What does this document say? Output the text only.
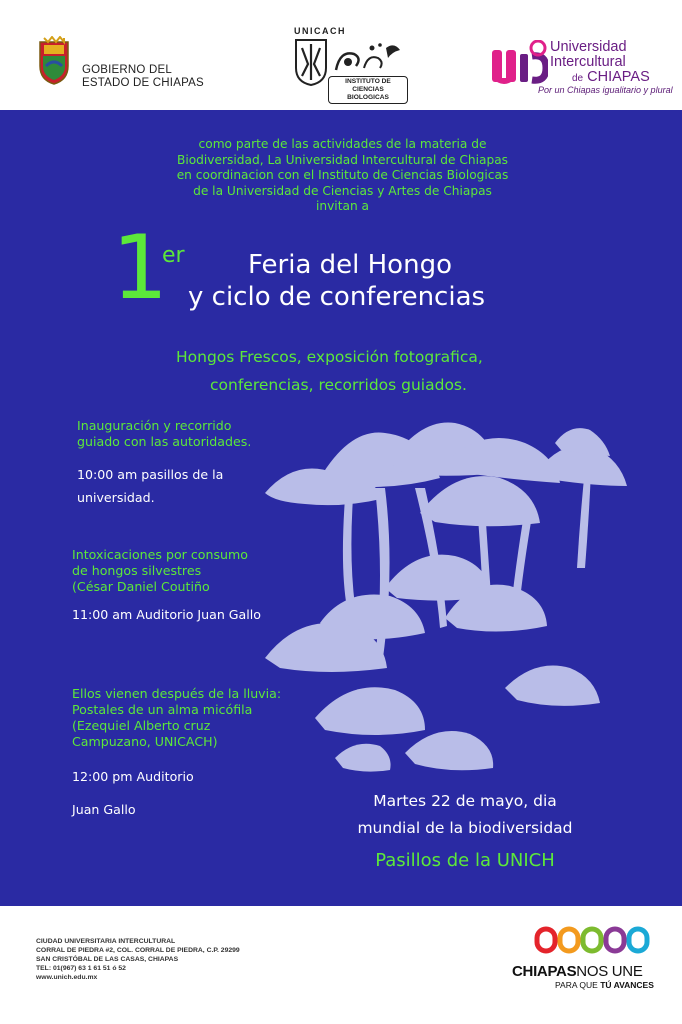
GOBIERNO DEL
ESTADO DE CHIAPAS
UNICACH
INSTITUTO DE CIENCIAS
BIOLOGICAS
Universidad
Intercultural
de CHIAPAS
Por un Chiapas igualitario y plural
como parte de las actividades de la materia de
Biodiversidad, La Universidad Intercultural de Chiapas
en coordinacion con el Instituto de Ciencias Biologicas
de la Universidad de Ciencias y Artes de Chiapas
invitan a
1
er Feria del Hongo
y ciclo de conferencias
Hongos Frescos, exposición fotografica,
conferencias, recorridos guiados.
Inauguración y recorrido
guiado con las autoridades.
10:00 am pasillos de la
universidad.
Intoxicaciones por consumo
de hongos silvestres
(César Daniel Coutiño
11:00 am Auditorio Juan Gallo
Ellos vienen después de la lluvia:
Postales de un alma micófila
(Ezequiel Alberto cruz
Campuzano, UNICACH)
12:00 pm Auditorio
Juan Gallo	Martes 22 de mayo, dia
mundial de la biodiversidad
Pasillos de la UNICH
CIUDAD UNIVERSITARIA INTERCULTURAL
CORRAL DE PIEDRA #2, COL. CORRAL DE PIEDRA, C.P. 29299
SAN CRISTÓBAL DE LAS CASAS, CHIAPAS
TEL: 01(967) 63 1 61 51 ó 52
www.unich.edu.mx	CHIAPASNOS UNE
PARA QUE TÚ AVANCES
